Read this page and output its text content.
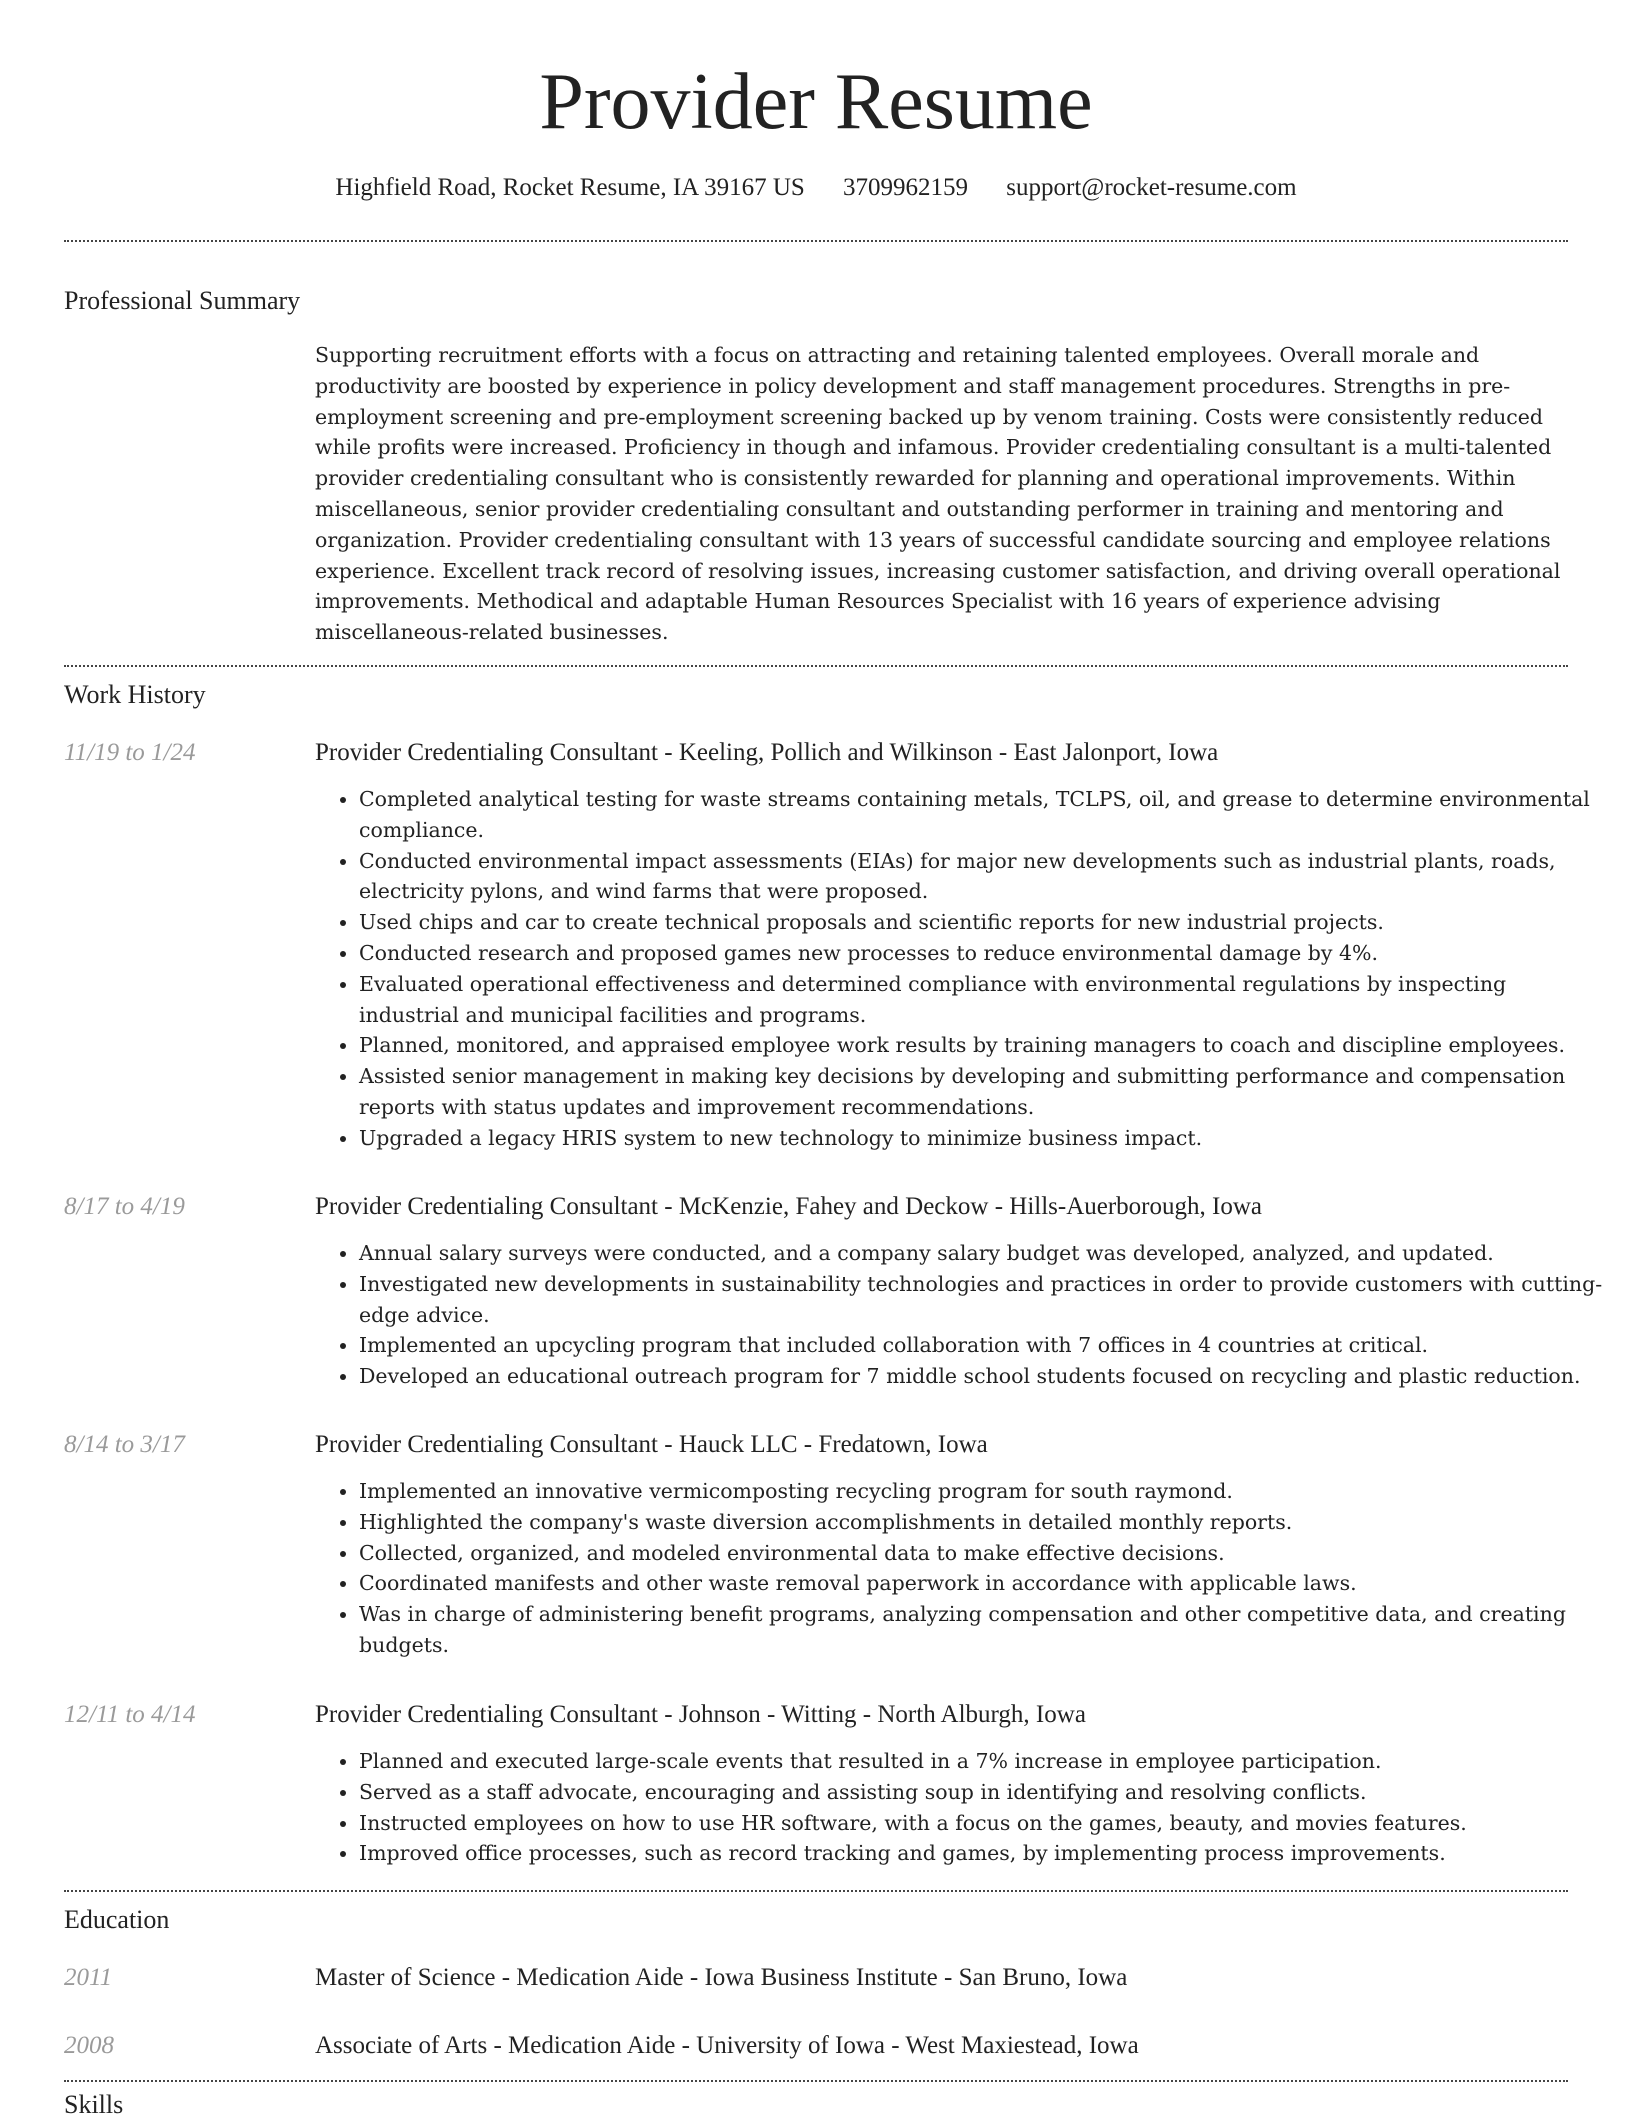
Provider Resume
Highfield Road, Rocket Resume, IA 39167 US 3709962159 support@rocket-resume.com
Professional Summary
Supporting recruitment efforts with a focus on attracting and retaining talented employees. Overall morale and productivity are boosted by experience in policy development and staff management procedures. Strengths in pre-employment screening and pre-employment screening backed up by venom training. Costs were consistently reduced while profits were increased. Proficiency in though and infamous. Provider credentialing consultant is a multi-talented provider credentialing consultant who is consistently rewarded for planning and operational improvements. Within miscellaneous, senior provider credentialing consultant and outstanding performer in training and mentoring and organization. Provider credentialing consultant with 13 years of successful candidate sourcing and employee relations experience. Excellent track record of resolving issues, increasing customer satisfaction, and driving overall operational improvements. Methodical and adaptable Human Resources Specialist with 16 years of experience advising miscellaneous-related businesses.
Work History
11/19 to 1/24	Provider Credentialing Consultant - Keeling, Pollich and Wilkinson - East Jalonport, Iowa
• Completed analytical testing for waste streams containing metals, TCLPS, oil, and grease to determine environmental compliance.
• Conducted environmental impact assessments (EIAs) for major new developments such as industrial plants, roads, electricity pylons, and wind farms that were proposed.
• Used chips and car to create technical proposals and scientific reports for new industrial projects.
• Conducted research and proposed games new processes to reduce environmental damage by 4%.
• Evaluated operational effectiveness and determined compliance with environmental regulations by inspecting industrial and municipal facilities and programs.
• Planned, monitored, and appraised employee work results by training managers to coach and discipline employees.
• Assisted senior management in making key decisions by developing and submitting performance and compensation reports with status updates and improvement recommendations.
• Upgraded a legacy HRIS system to new technology to minimize business impact.
8/17 to 4/19	Provider Credentialing Consultant - McKenzie, Fahey and Deckow - Hills-Auerborough, Iowa
• Annual salary surveys were conducted, and a company salary budget was developed, analyzed, and updated.
• Investigated new developments in sustainability technologies and practices in order to provide customers with cutting-edge advice.
• Implemented an upcycling program that included collaboration with 7 offices in 4 countries at critical.
• Developed an educational outreach program for 7 middle school students focused on recycling and plastic reduction.
8/14 to 3/17	Provider Credentialing Consultant - Hauck LLC - Fredatown, Iowa
• Implemented an innovative vermicomposting recycling program for south raymond.
• Highlighted the company's waste diversion accomplishments in detailed monthly reports.
• Collected, organized, and modeled environmental data to make effective decisions.
• Coordinated manifests and other waste removal paperwork in accordance with applicable laws.
• Was in charge of administering benefit programs, analyzing compensation and other competitive data, and creating budgets.
12/11 to 4/14	Provider Credentialing Consultant - Johnson - Witting - North Alburgh, Iowa
• Planned and executed large-scale events that resulted in a 7% increase in employee participation.
• Served as a staff advocate, encouraging and assisting soup in identifying and resolving conflicts.
• Instructed employees on how to use HR software, with a focus on the games, beauty, and movies features.
• Improved office processes, such as record tracking and games, by implementing process improvements.
Education
2011	Master of Science - Medication Aide - Iowa Business Institute - San Bruno, Iowa
2008	Associate of Arts - Medication Aide - University of Iowa - West Maxiestead, Iowa
Skills
